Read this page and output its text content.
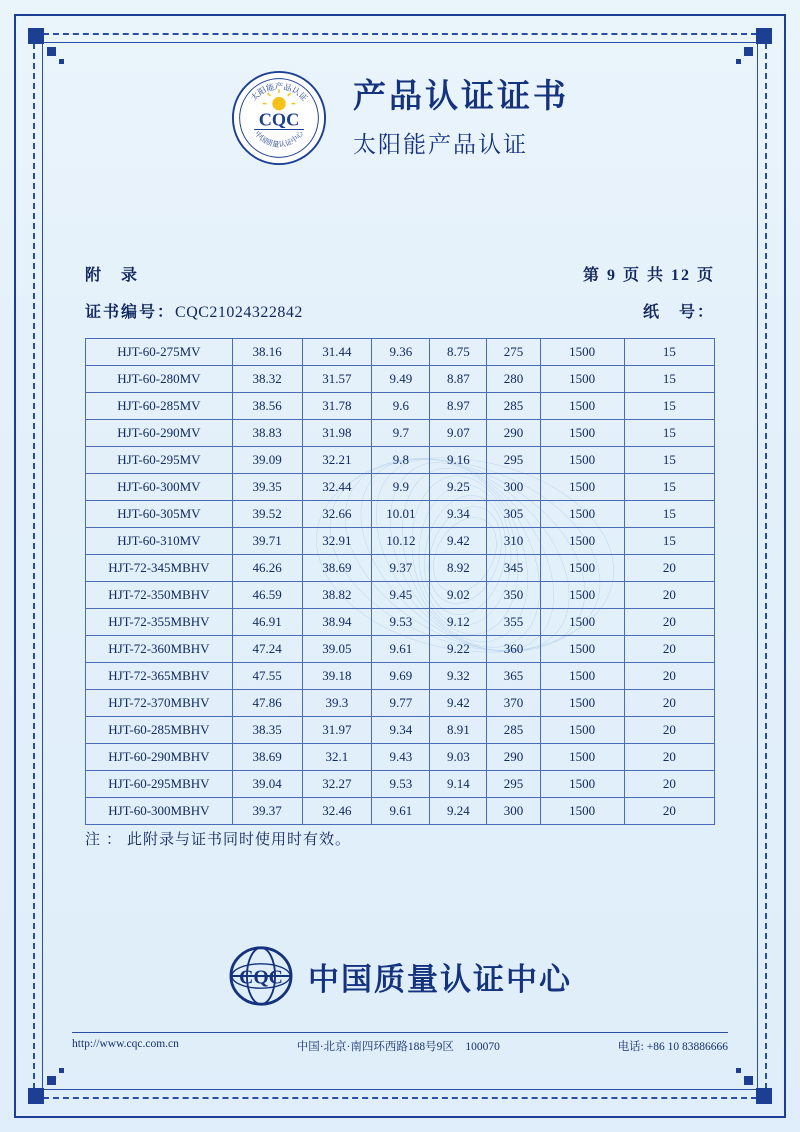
太阳能产品认证
中国质量认证中心
CQC
产品认证证书
太阳能产品认证
附　录	第 9 页 共 12 页
证书编号：CQC21024322842	纸　号：
HJT-60-275MV	38.16	31.44	9.36	8.75	275	1500	15
HJT-60-280MV	38.32	31.57	9.49	8.87	280	1500	15
HJT-60-285MV	38.56	31.78	9.6	8.97	285	1500	15
HJT-60-290MV	38.83	31.98	9.7	9.07	290	1500	15
HJT-60-295MV	39.09	32.21	9.8	9.16	295	1500	15
HJT-60-300MV	39.35	32.44	9.9	9.25	300	1500	15
HJT-60-305MV	39.52	32.66	10.01	9.34	305	1500	15
HJT-60-310MV	39.71	32.91	10.12	9.42	310	1500	15
HJT-72-345MBHV	46.26	38.69	9.37	8.92	345	1500	20
HJT-72-350MBHV	46.59	38.82	9.45	9.02	350	1500	20
HJT-72-355MBHV	46.91	38.94	9.53	9.12	355	1500	20
HJT-72-360MBHV	47.24	39.05	9.61	9.22	360	1500	20
HJT-72-365MBHV	47.55	39.18	9.69	9.32	365	1500	20
HJT-72-370MBHV	47.86	39.3	9.77	9.42	370	1500	20
HJT-60-285MBHV	38.35	31.97	9.34	8.91	285	1500	20
HJT-60-290MBHV	38.69	32.1	9.43	9.03	290	1500	20
HJT-60-295MBHV	39.04	32.27	9.53	9.14	295	1500	20
HJT-60-300MBHV	39.37	32.46	9.61	9.24	300	1500	20
注：此附录与证书同时使用时有效。
CQC 中国质量认证中心
http://www.cqc.com.cn	中国·北京·南四环西路188号9区　100070	电话: +86 10 83886666
